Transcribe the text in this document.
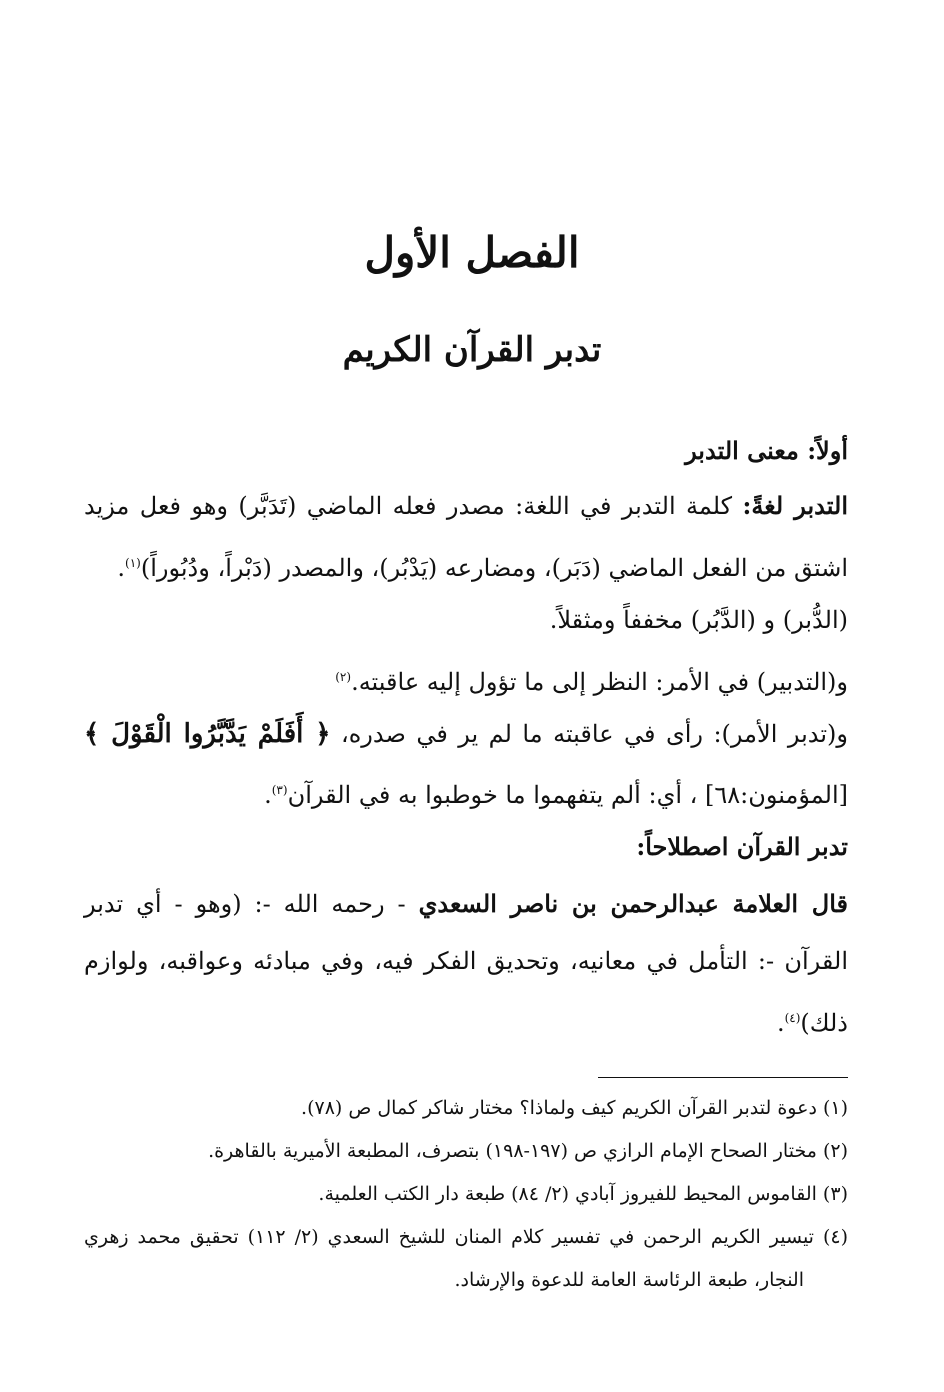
الفصل الأول
تدبر القرآن الكريم
أولاً: معنى التدبر
التدبر لغةً: كلمة التدبر في اللغة: مصدر فعله الماضي (تَدَبَّر) وهو فعل مزيد
اشتق من الفعل الماضي (دَبَر)، ومضارعه (يَدْبُر)، والمصدر (دَبْراً، ودُبُوراً)$^{(١)}$.
(الدُّبر) و (الدَّبُر) مخففاً ومثقلاً.
و(التدبير) في الأمر: النظر إلى ما تؤول إليه عاقبته.$^{(٢)}$
و(تدبر الأمر): رأى في عاقبته ما لم ير في صدره، ﴿ أَفَلَمْ يَدَّبَّرُوا الْقَوْلَ ﴾
[المؤمنون:٦٨] ، أي: ألم يتفهموا ما خوطبوا به في القرآن$^{(٣)}$.
تدبر القرآن اصطلاحاً:
قال العلامة عبدالرحمن بن ناصر السعدي - رحمه الله -: (وهو - أي تدبر
القرآن -: التأمل في معانيه، وتحديق الفكر فيه، وفي مبادئه وعواقبه، ولوازم
ذلك)$^{(٤)}$.
(١) دعوة لتدبر القرآن الكريم كيف ولماذا؟ مختار شاكر كمال ص (٧٨).
(٢) مختار الصحاح الإمام الرازي ص (١٩٧-١٩٨) بتصرف، المطبعة الأميرية بالقاهرة.
(٣) القاموس المحيط للفيروز آبادي (٢/ ٨٤) طبعة دار الكتب العلمية.
(٤) تيسير الكريم الرحمن في تفسير كلام المنان للشيخ السعدي (٢/ ١١٢) تحقيق محمد زهري
النجار، طبعة الرئاسة العامة للدعوة والإرشاد.
